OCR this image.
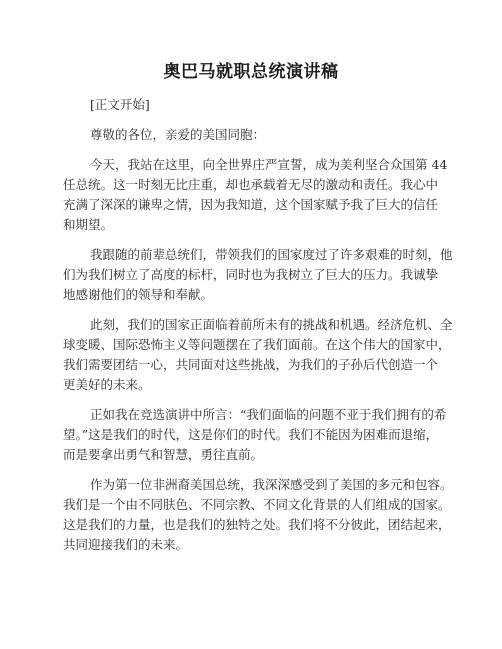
奥巴马就职总统演讲稿
[正文开始]
尊敬的各位，亲爱的美国同胞：
今天，我站在这里，向全世界庄严宣誓，成为美利坚合众国第 44
任总统。这一时刻无比庄重，却也承载着无尽的激动和责任。我心中
充满了深深的谦卑之情，因为我知道，这个国家赋予我了巨大的信任
和期望。
我跟随的前辈总统们，带领我们的国家度过了许多艰难的时刻，他
们为我们树立了高度的标杆，同时也为我树立了巨大的压力。我诚挚
地感谢他们的领导和奉献。
此刻，我们的国家正面临着前所未有的挑战和机遇。经济危机、全
球变暖、国际恐怖主义等问题摆在了我们面前。在这个伟大的国家中，
我们需要团结一心，共同面对这些挑战，为我们的子孙后代创造一个
更美好的未来。
正如我在竞选演讲中所言：“我们面临的问题不亚于我们拥有的希
望。”这是我们的时代，这是你们的时代。我们不能因为困难而退缩，
而是要拿出勇气和智慧，勇往直前。
作为第一位非洲裔美国总统，我深深感受到了美国的多元和包容。
我们是一个由不同肤色、不同宗教、不同文化背景的人们组成的国家。
这是我们的力量，也是我们的独特之处。我们将不分彼此，团结起来，
共同迎接我们的未来。
